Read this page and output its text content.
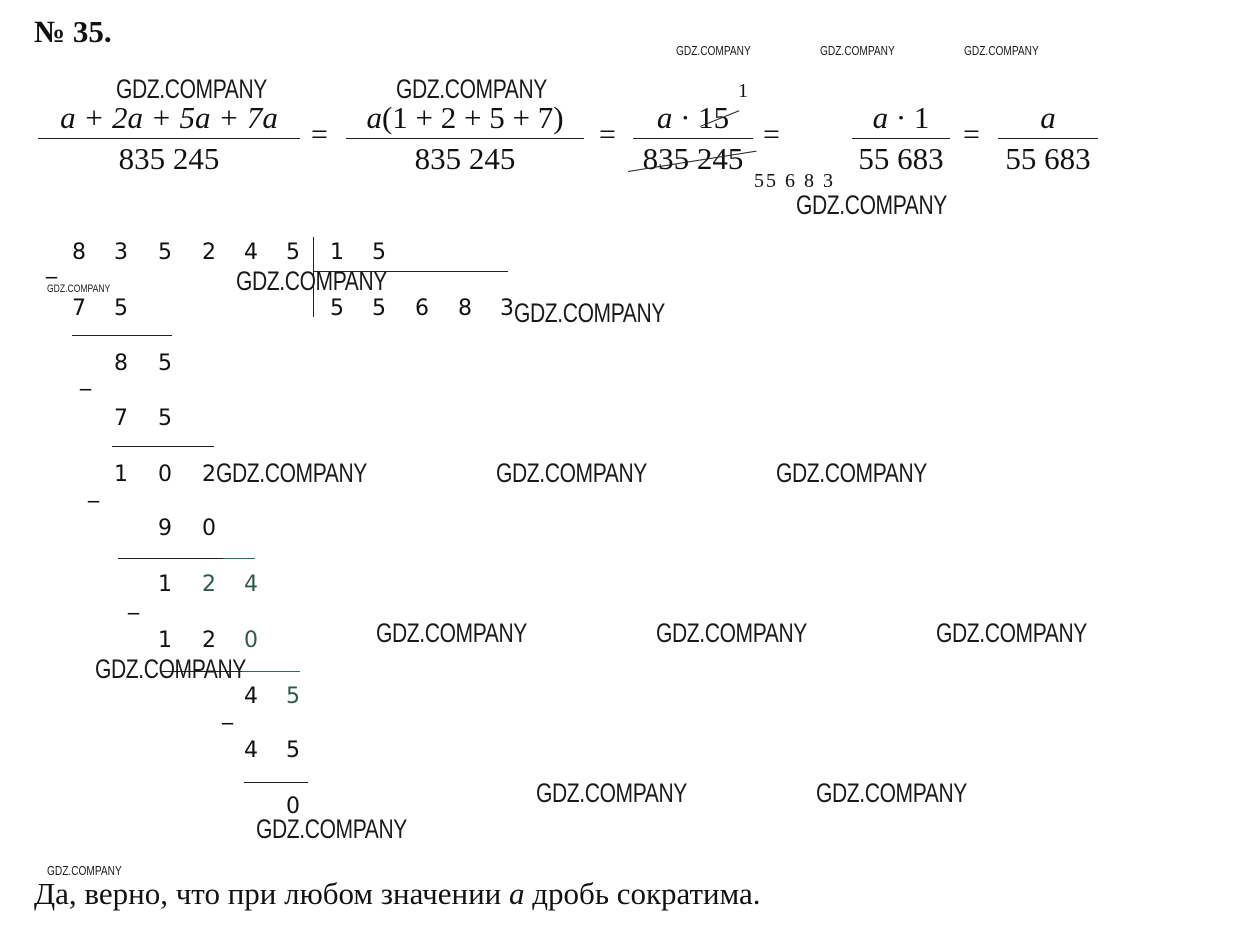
№ 35.
GDZ.COMPANY	GDZ.COMPANY	GDZ.COMPANY
GDZ.COMPANY	GDZ.COMPANY
$\frac{a + 2a + 5a + 7a}{835 245} = \frac{a(1 + 2 + 5 + 7)}{835 245} = \frac{a \cdot 15}{835 245}$
1
55 6 8 3
= $\frac{a \cdot 1}{55 683} = \frac{a}{55 683}$
GDZ.COMPANY
8 3 5 2 4 5 1 5
5 5 6 8 3
GDZ.COMPANY
GDZ.COMPANY
GDZ.COMPANY
_
7 5
8 5
_
7 5
1 0 2
_
9 0
1 2 4
_
1 2 0
GDZ.COMPANY
4 5
_
4 5
0
GDZ.COMPANY	GDZ.COMPANY	GDZ.COMPANY
GDZ.COMPANY	GDZ.COMPANY	GDZ.COMPANY
GDZ.COMPANY	GDZ.COMPANY
GDZ.COMPANY
GDZ.COMPANY
Да, верно, что при любом значении a дробь сократима.
